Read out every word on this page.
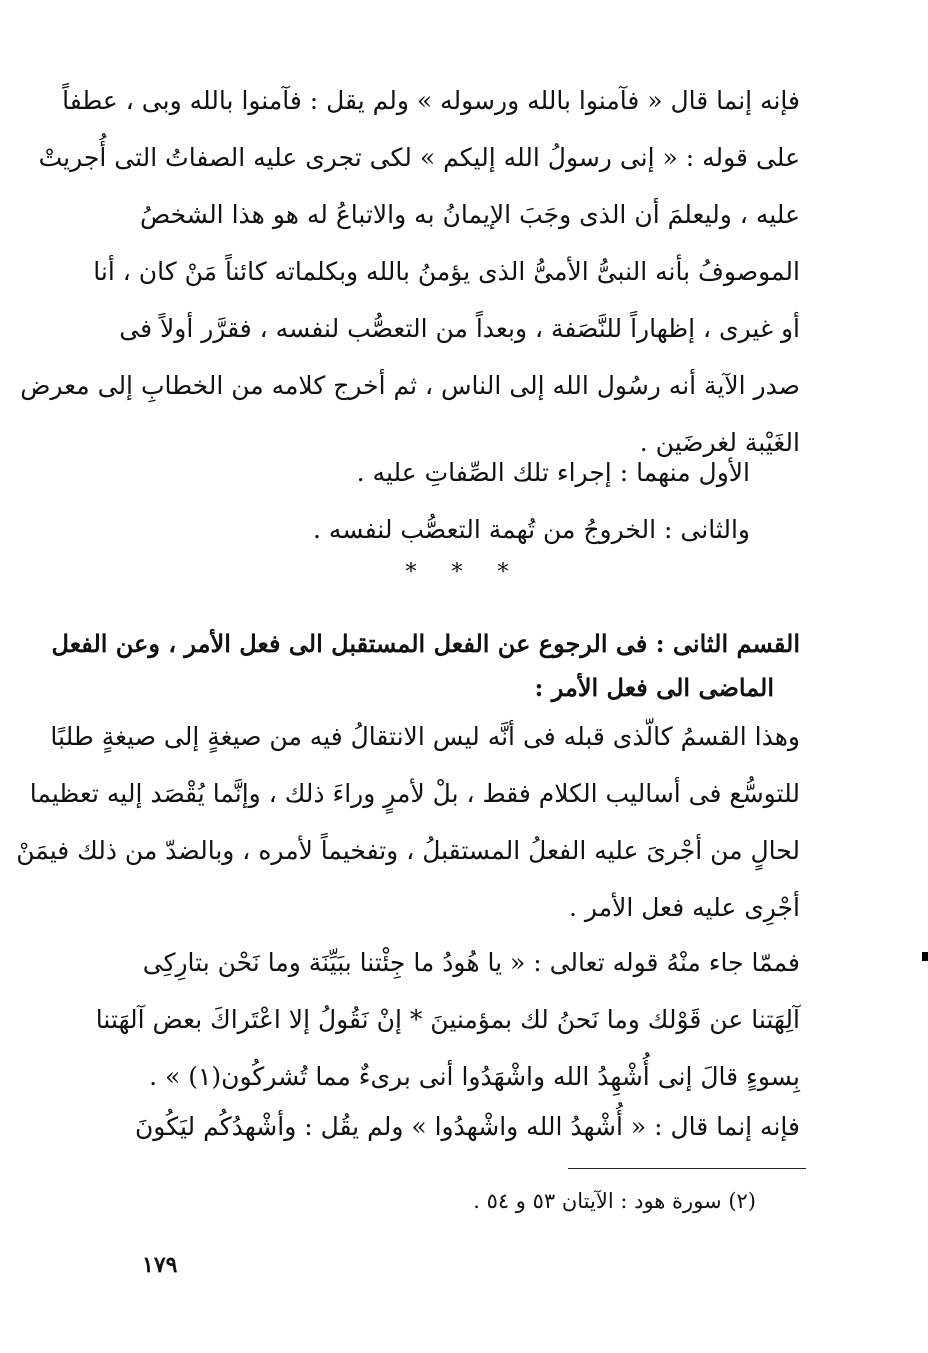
فإنه إنما قال « فآمنوا بالله ورسوله » ولم يقل : فآمنوا بالله وبى ، عطفاً
على قوله : « إنى رسولُ الله إليكم » لكى تجرى عليه الصفاتُ التى أُجريتْ
عليه ، وليعلمَ أن الذى وجَبَ الإيمانُ به والاتباعُ له هو هذا الشخصُ
الموصوفُ بأنه النبىُّ الأمىُّ الذى يؤمنُ بالله وبكلماته كائناً مَنْ كان ، أنا
أو غيرى ، إظهاراً للنَّصَفة ، وبعداً من التعصُّب لنفسه ، فقرَّر أولاً فى
صدر الآية أنه رسُول الله إلى الناس ، ثم أخرج كلامه من الخطابِ إلى معرض
الغَيْبة لغرضَين .
الأول منهما : إجراء تلك الصِّفاتِ عليه .
والثانى : الخروجُ من تُهمة التعصُّب لنفسه .
* * *
القسم الثانى : فى الرجوع عن الفعل المستقبل الى فعل الأمر ، وعن الفعل
الماضى الى فعل الأمر :
وهذا القسمُ كالّذى قبله فى أنَّه ليس الانتقالُ فيه من صيغةٍ إلى صيغةٍ طلبًا
للتوسُّع فى أساليب الكلام فقط ، بلْ لأمرٍ وراءَ ذلك ، وإنَّما يُقْصَد إليه تعظيما
لحالٍ من أجْرىَ عليه الفعلُ المستقبلُ ، وتفخيماً لأمره ، وبالضدّ من ذلك فيمَنْ
أجْرِى عليه فعل الأمر .
فممّا جاء منْهُ قوله تعالى : « يا هُودُ ما جِئْتنا ببَيِّنَة وما نَحْن بتارِكِى
آلِهَتنا عن قَوْلك وما نَحنُ لك بمؤمنينَ * إنْ نَقُولُ إلا اعْتَراكَ بعض آلهَتنا
بِسوءٍ قالَ إنى أُشْهِدُ الله واشْهَدُوا أنى برىءٌ مما تُشركُون(١) » .
فإنه إنما قال : « أُشْهدُ الله واشْهدُوا » ولم يقُل : وأشْهدُكُم ليَكُونَ
(٢) سورة هود : الآيتان ٥٣ و ٥٤ .
١٧٩
